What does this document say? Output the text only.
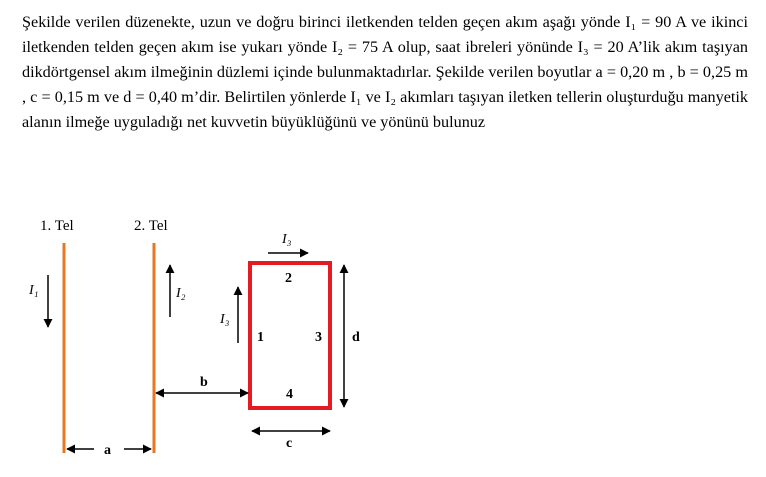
Şekilde verilen düzenekte, uzun ve doğru birinci iletkenden telden geçen akım aşağı yönde I₁ = 90 A ve ikinci iletkenden telden geçen akım ise yukarı yönde I₂ = 75 A olup, saat ibreleri yönünde I₃ = 20 A’lik akım taşıyan dikdörtgensel akım ilmeğinin düzlemi içinde bulunmaktadırlar. Şekilde verilen boyutlar a = 0,20 m , b = 0,25 m , c = 0,15 m ve d = 0,40 m’dir. Belirtilen yönlerde I₁ ve I₂ akımları taşıyan iletken tellerin oluşturduğu manyetik alanın ilmeğe uyguladığı net kuvvetin büyüklüğünü ve yönünü bulunuz

1. Tel	2. Tel
I₁	I₂
I₃
I₃
1
2
3
4
d
b
c
a
